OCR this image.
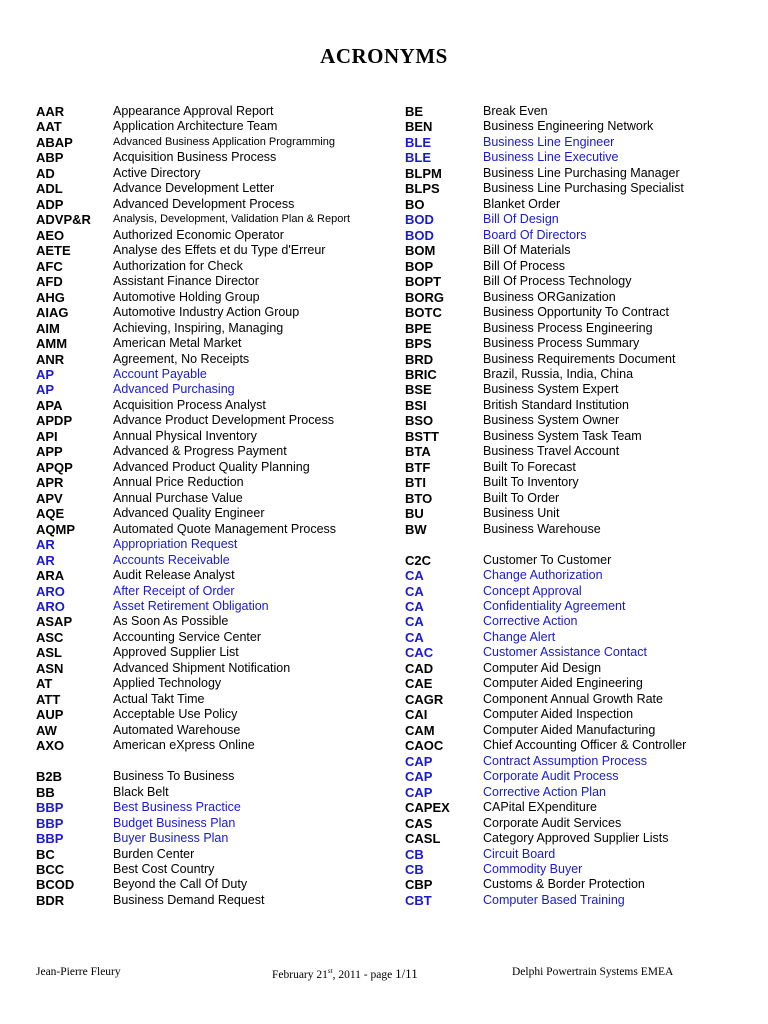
ACRONYMS
AAR	Appearance Approval Report
AAT	Application Architecture Team
ABAP	Advanced Business Application Programming
ABP	Acquisition Business Process
AD	Active Directory
ADL	Advance Development Letter
ADP	Advanced Development Process
ADVP&R Analysis, Development, Validation Plan & Report
AEO	Authorized Economic Operator
AETE	Analyse des Effets et du Type d'Erreur
AFC	Authorization for Check
AFD	Assistant Finance Director
AHG	Automotive Holding Group
AIAG	Automotive Industry Action Group
AIM	Achieving, Inspiring, Managing
AMM	American Metal Market
ANR	Agreement, No Receipts
AP	Account Payable
AP	Advanced Purchasing
APA	Acquisition Process Analyst
APDP	Advance Product Development Process
API	Annual Physical Inventory
APP	Advanced & Progress Payment
APQP	Advanced Product Quality Planning
APR	Annual Price Reduction
APV	Annual Purchase Value
AQE	Advanced Quality Engineer
AQMP	Automated Quote Management Process
AR	Appropriation Request
AR	Accounts Receivable
ARA	Audit Release Analyst
ARO	After Receipt of Order
ARO	Asset Retirement Obligation
ASAP	As Soon As Possible
ASC	Accounting Service Center
ASL	Approved Supplier List
ASN	Advanced Shipment Notification
AT	Applied Technology
ATT	Actual Takt Time
AUP	Acceptable Use Policy
AW	Automated Warehouse
AXO	American eXpress Online
B2B	Business To Business
BB	Black Belt
BBP	Best Business Practice
BBP	Budget Business Plan
BBP	Buyer Business Plan
BC	Burden Center
BCC	Best Cost Country
BCOD	Beyond the Call Of Duty
BDR	Business Demand Request
BE	Break Even
BEN	Business Engineering Network
BLE	Business Line Engineer
BLE	Business Line Executive
BLPM	Business Line Purchasing Manager
BLPS	Business Line Purchasing Specialist
BO	Blanket Order
BOD	Bill Of Design
BOD	Board Of Directors
BOM	Bill Of Materials
BOP	Bill Of Process
BOPT	Bill Of Process Technology
BORG	Business ORGanization
BOTC	Business Opportunity To Contract
BPE	Business Process Engineering
BPS	Business Process Summary
BRD	Business Requirements Document
BRIC	Brazil, Russia, India, China
BSE	Business System Expert
BSI	British Standard Institution
BSO	Business System Owner
BSTT	Business System Task Team
BTA	Business Travel Account
BTF	Built To Forecast
BTI	Built To Inventory
BTO	Built To Order
BU	Business Unit
BW	Business Warehouse
C2C	Customer To Customer
CA	Change Authorization
CA	Concept Approval
CA	Confidentiality Agreement
CA	Corrective Action
CA	Change Alert
CAC	Customer Assistance Contact
CAD	Computer Aid Design
CAE	Computer Aided Engineering
CAGR	Component Annual Growth Rate
CAI	Computer Aided Inspection
CAM	Computer Aided Manufacturing
CAOC	Chief Accounting Officer & Controller
CAP	Contract Assumption Process
CAP	Corporate Audit Process
CAP	Corrective Action Plan
CAPEX	CAPital EXpenditure
CAS	Corporate Audit Services
CASL	Category Approved Supplier Lists
CB	Circuit Board
CB	Commodity Buyer
CBP	Customs & Border Protection
CBT	Computer Based Training
Jean-Pierre Fleury	February 21st, 2011 - page 1/11	Delphi Powertrain Systems EMEA
